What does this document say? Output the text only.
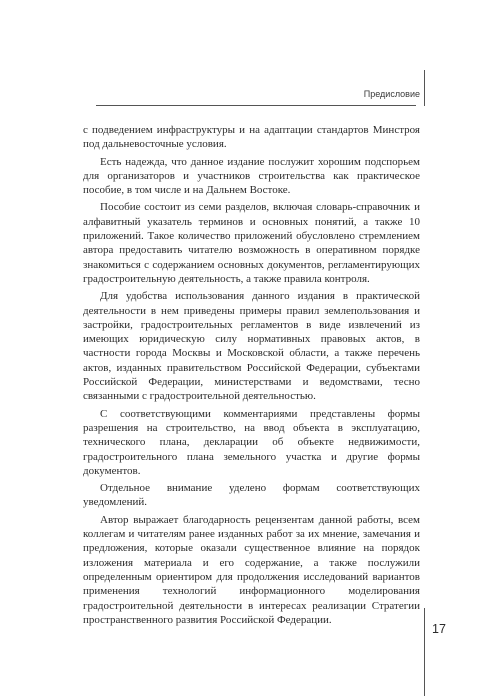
Предисловие

с подведением инфраструктуры и на адаптации стандартов Минстроя под дальневосточные условия.

Есть надежда, что данное издание послужит хорошим подспорьем для организаторов и участников строительства как практическое пособие, в том числе и на Дальнем Востоке.

Пособие состоит из семи разделов, включая словарь-справочник и алфавитный указатель терминов и основных понятий, а также 10 приложений. Такое количество приложений обусловлено стремлением автора предоставить читателю возможность в оперативном порядке знакомиться с содержанием основных документов, регламентирующих градостроительную деятельность, а также правила контроля.

Для удобства использования данного издания в практической деятельности в нем приведены примеры правил землепользования и застройки, градостроительных регламентов в виде извлечений из имеющих юридическую силу нормативных правовых актов, в частности города Москвы и Московской области, а также перечень актов, изданных правительством Российской Федерации, субъектами Российской Федерации, министерствами и ведомствами, тесно связанными с градостроительной деятельностью.

С соответствующими комментариями представлены формы разрешения на строительство, на ввод объекта в эксплуатацию, технического плана, декларации об объекте недвижимости, градостроительного плана земельного участка и другие формы документов.

Отдельное внимание уделено формам соответствующих уведомлений.

Автор выражает благодарность рецензентам данной работы, всем коллегам и читателям ранее изданных работ за их мнение, замечания и предложения, которые оказали существенное влияние на порядок изложения материала и его содержание, а также послужили определенным ориентиром для продолжения исследований вариантов применения технологий информационного моделирования градостроительной деятельности в интересах реализации Стратегии пространственного развития Российской Федерации.

17
